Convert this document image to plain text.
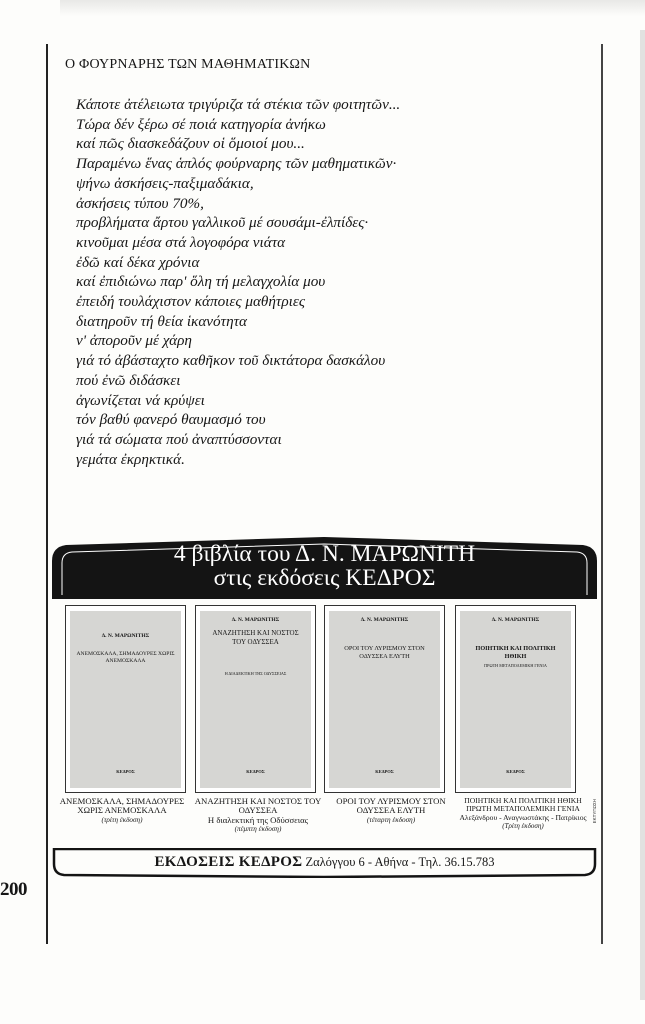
Ο ΦΟΥΡΝΑΡΗΣ ΤΩΝ ΜΑΘΗΜΑΤΙΚΩΝ
Κάποτε ἀτέλειωτα τριγύριζα τά στέκια τῶν φοιτητῶν...
Τώρα δέν ξέρω σέ ποιά κατηγορία ἀνήκω
καί πῶς διασκεδάζουν οἱ ὅμοιοί μου...
Παραμένω ἕνας ἁπλός φούρναρης τῶν μαθηματικῶν·
ψήνω ἀσκήσεις-παξιμαδάκια,
ἀσκήσεις τύπου 70%,
προβλήματα ἄρτου γαλλικοῦ μέ σουσάμι-ἐλπίδες·
κινοῦμαι μέσα στά λογοφόρα νιάτα
ἐδῶ καί δέκα χρόνια
καί ἐπιδιώνω παρ' ὅλη τή μελαγχολία μου
ἐπειδή τουλάχιστον κάποιες μαθήτριες
διατηροῦν τή θεία ἱκανότητα
ν' ἀποροῦν μέ χάρη
γιά τό ἀβάσταχτο καθῆκον τοῦ δικτάτορα δασκάλου
πού ἐνῶ διδάσκει
ἀγωνίζεται νά κρύψει
τόν βαθύ φανερό θαυμασμό του
γιά τά σώματα πού ἀναπτύσσονται
γεμάτα ἐκρηκτικά.
4 βιβλία του Δ. Ν. ΜΑΡΩΝΙΤΗ
στις εκδόσεις ΚΕΔΡΟΣ
Δ. Ν. ΜΑΡΩΝΙΤΗΣ
ΑΝΕΜΟΣΚΑΛΑ, ΣΗΜΑΔΟΥΡΕΣ ΧΩΡΙΣ ΑΝΕΜΟΣΚΑΛΑ
ΚΕΔΡΟΣ
Δ. Ν. ΜΑΡΩΝΙΤΗΣ
ΑΝΑΖΗΤΗΣΗ ΚΑΙ ΝΟΣΤΟΣ ΤΟΥ ΟΔΥΣΣΕΑ
Η ΔΙΑΔΕΚΤΙΚΗ ΤΗΣ ΟΔΥΣΣΕΙΑΣ
ΚΕΔΡΟΣ
Δ. Ν. ΜΑΡΩΝΙΤΗΣ
ΟΡΟΙ ΤΟΥ ΛΥΡΙΣΜΟΥ ΣΤΟΝ ΟΔΥΣΣΕΑ ΕΛΥΤΗ
ΚΕΔΡΟΣ
Δ. Ν. ΜΑΡΩΝΙΤΗΣ
ΠΟΙΗΤΙΚΗ ΚΑΙ ΠΟΛΙΤΙΚΗ ΗΘΙΚΗ
ΠΡΩΤΗ ΜΕΤΑΠΟΛΕΜΙΚΗ ΓΕΝΙΑ
ΚΕΔΡΟΣ
ΑΝΕΜΟΣΚΑΛΑ, ΣΗΜΑΔΟΥΡΕΣ ΧΩΡΙΣ ΑΝΕΜΟΣΚΑΛΑ
(τρίτη έκδοση)
ΑΝΑΖΗΤΗΣΗ ΚΑΙ ΝΟΣΤΟΣ ΤΟΥ ΟΔΥΣΣΕΑ
Η διαλεκτική της Οδύσσειας
(πέμπτη έκδοση)
ΟΡΟΙ ΤΟΥ ΛΥΡΙΣΜΟΥ ΣΤΟΝ ΟΔΥΣΣΕΑ ΕΛΥΤΗ
(τέταρτη έκδοση)
ΠΟΙΗΤΙΚΗ ΚΑΙ ΠΟΛΙΤΙΚΗ ΗΘΙΚΗ
ΠΡΩΤΗ ΜΕΤΑΠΟΛΕΜΙΚΗ ΓΕΝΙΑ
Αλεξάνδρου - Αναγνωστάκης - Πατρίκιος
(Τρίτη έκδοση)
ΕΚΤΥΠΩΣΗ
ΕΚΔΟΣΕΙΣ ΚΕΔΡΟΣ Ζαλόγγου 6 - Αθήνα - Τηλ. 36.15.783
200
